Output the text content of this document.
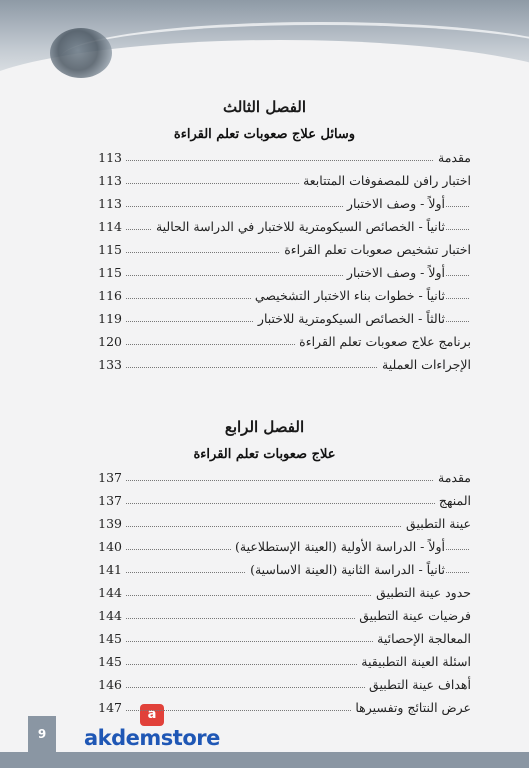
الفصل الثالث
وسائل علاج صعوبات تعلم القراءة
مقدمة
113
اختبار رافن للمصفوفات المتتابعة
113
أولاً - وصف الاختبار
113
ثانياً - الخصائص السيكومترية للاختبار في الدراسة الحالية
114
اختبار تشخيص صعوبات تعلم القراءة
115
أولاً - وصف الاختبار
115
ثانياً - خطوات بناء الاختبار التشخيصي
116
ثالثاً - الخصائص السيكومترية للاختبار
119
برنامج علاج صعوبات تعلم القراءة
120
الإجراءات العملية
133
الفصل الرابع
علاج صعوبات تعلم القراءة
مقدمة
137
المنهج
137
عينة التطبيق
139
أولاً - الدراسة الأولية (العينة الإستطلاعية)
140
ثانياً - الدراسة الثانية (العينة الاساسية)
141
حدود عينة التطبيق
144
فرضيات عينة التطبيق
144
المعالجة الإحصائية
145
اسئلة العينة التطبيقية
145
أهداف عينة التطبيق
146
عرض النتائج وتفسيرها
147	a
akdemstore
9
